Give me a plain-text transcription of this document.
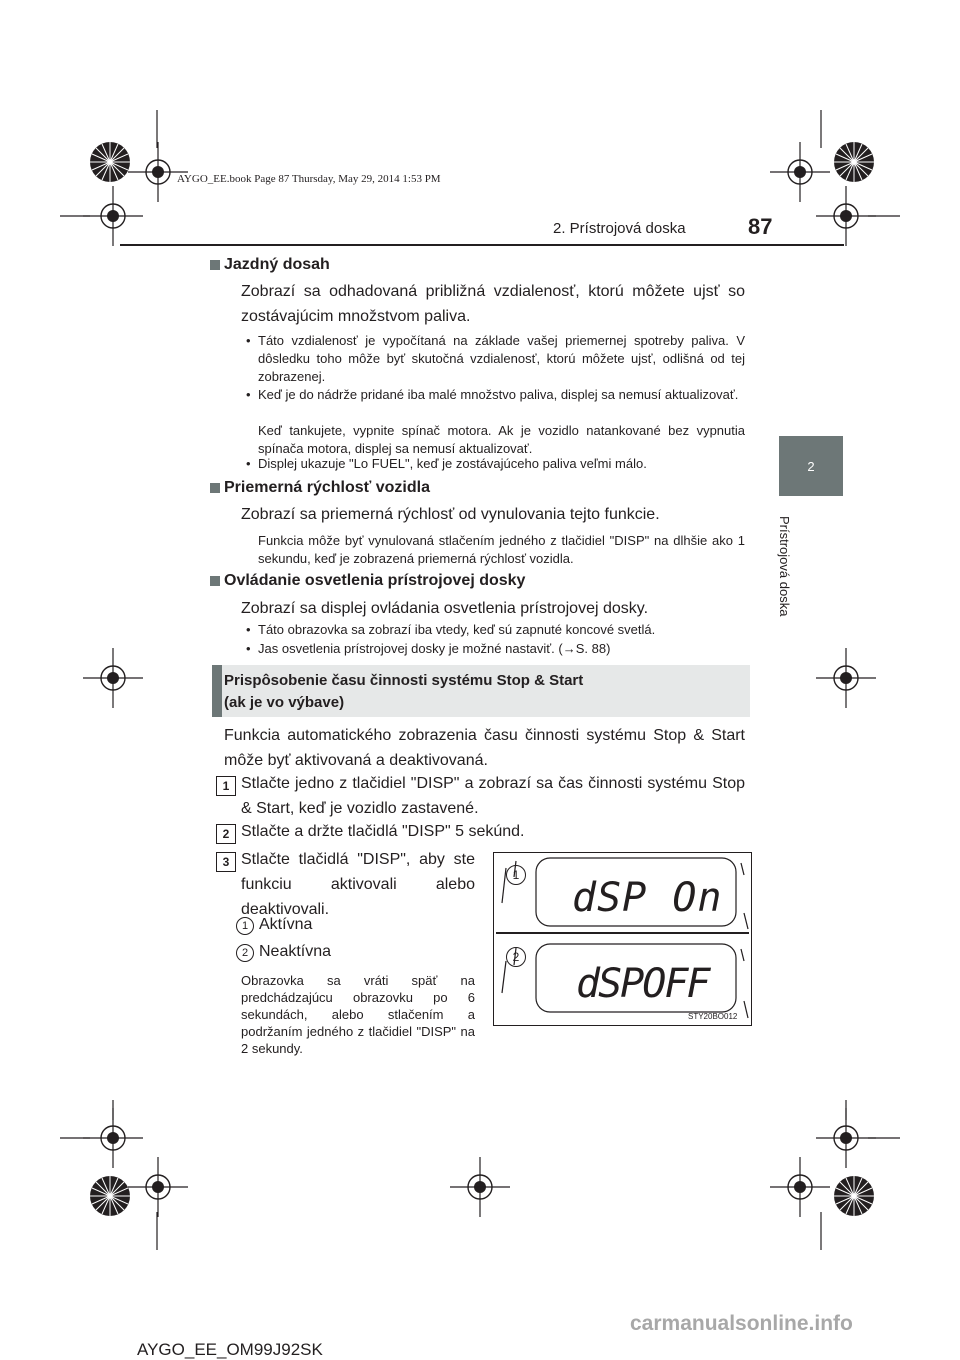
AYGO_EE.book Page 87 Thursday, May 29, 2014 1:53 PM
2. Prístrojová doska	87
2
Prístrojová doska
Jazdný dosah
Zobrazí sa odhadovaná približná vzdialenosť, ktorú môžete ujsť so zostávajúcim množstvom paliva.
• Táto vzdialenosť je vypočítaná na základe vašej priemernej spotreby paliva. V dôsledku toho môže byť skutočná vzdialenosť, ktorú môžete ujsť, odlišná od tej zobrazenej.
• Keď je do nádrže pridané iba malé množstvo paliva, displej sa nemusí aktualizovať.
Keď tankujete, vypnite spínač motora. Ak je vozidlo natankované bez vypnutia spínača motora, displej sa nemusí aktualizovať.
• Displej ukazuje "Lo FUEL", keď je zostávajúceho paliva veľmi málo.
Priemerná rýchlosť vozidla
Zobrazí sa priemerná rýchlosť od vynulovania tejto funkcie.
Funkcia môže byť vynulovaná stlačením jedného z tlačidiel "DISP" na dlhšie ako 1 sekundu, keď je zobrazená priemerná rýchlosť vozidla.
Ovládanie osvetlenia prístrojovej dosky
Zobrazí sa displej ovládania osvetlenia prístrojovej dosky.
• Táto obrazovka sa zobrazí iba vtedy, keď sú zapnuté koncové svetlá.
• Jas osvetlenia prístrojovej dosky je možné nastaviť. (→S. 88)
Prispôsobenie času činnosti systému Stop & Start
(ak je vo výbave)
Funkcia automatického zobrazenia času činnosti systému Stop & Start môže byť aktivovaná a deaktivovaná.
1 Stlačte jedno z tlačidiel "DISP" a zobrazí sa čas činnosti systému Stop & Start, keď je vozidlo zastavené.
2 Stlačte a držte tlačidlá "DISP" 5 sekúnd.
3 Stlačte tlačidlá "DISP", aby ste funkciu aktivovali alebo deaktivovali.
1 Aktívna
2 Neaktívna
Obrazovka sa vráti späť na predchádzajúcu obrazovku po 6 sekundách, alebo stlačením a podržaním jedného z tlačidiel "DISP" na 2 sekundy.
1
2
dSP On
dSPOFF
STY20BO012
AYGO_EE_OM99J92SK
carmanualsonline.info
